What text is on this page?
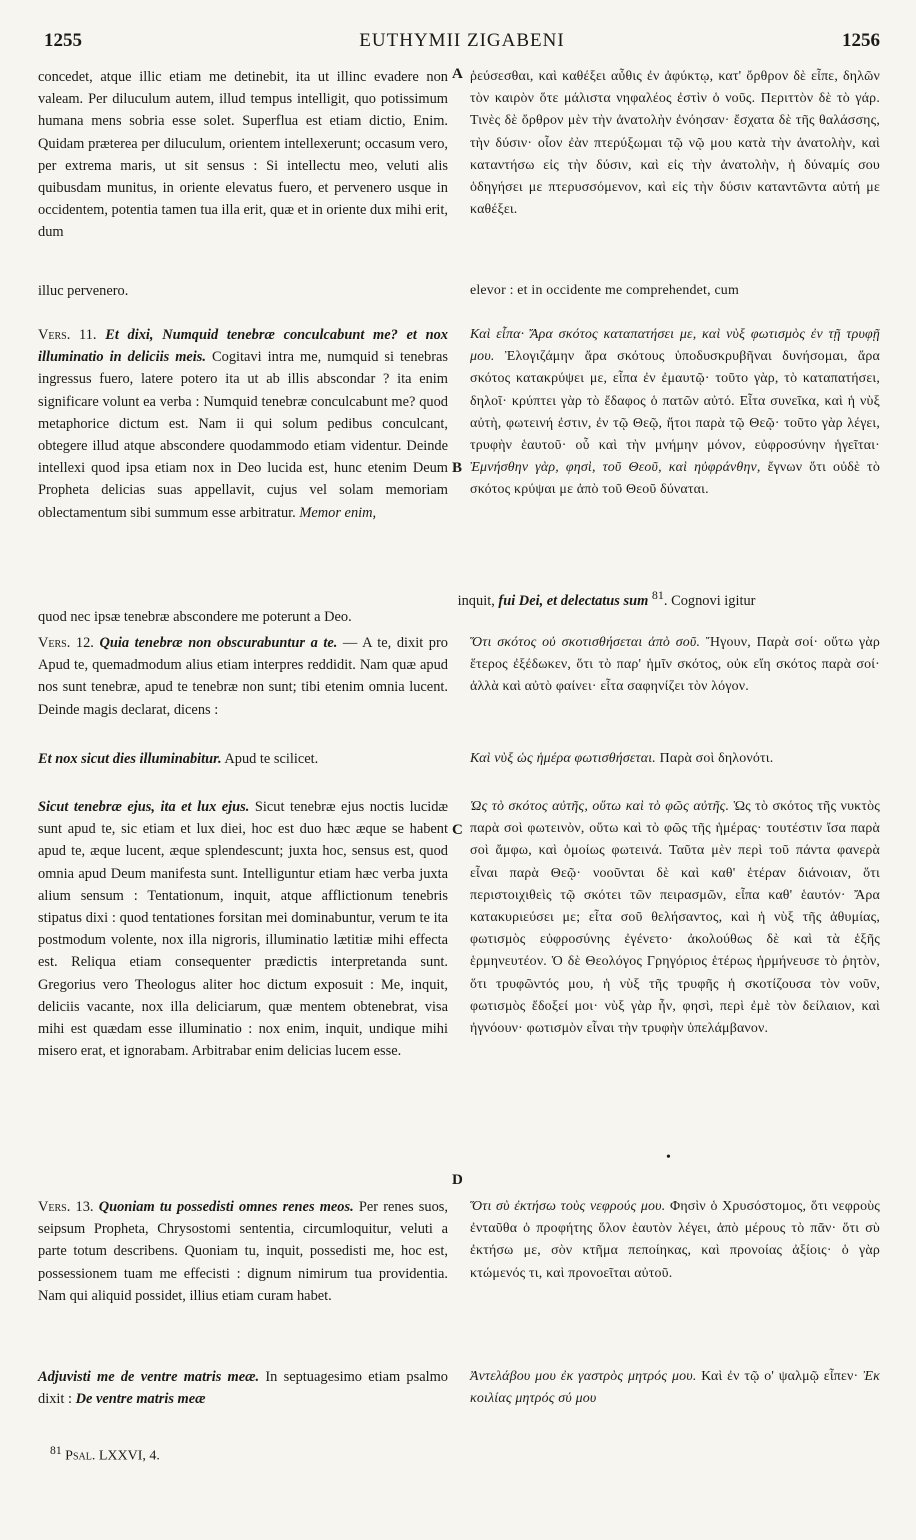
1255	EUTHYMII ZIGABENI	1256
A
B
C
D

concedet, atque illic etiam me detinebit, ita ut illinc evadere non valeam. Per diluculum autem, illud tempus intelligit, quo potissimum humana mens sobria esse solet. Superflua est etiam dictio, Enim. Quidam præterea per diluculum, orientem intellexerunt; occasum vero, per extrema maris, ut sit sensus : Si intellectu meo, veluti alis quibusdam munitus, in oriente elevatus fuero, et pervenero usque in occidentem, potentia tamen tua illa erit, quæ et in oriente dux mihi erit, dum

ῥεύσεσθαι, καὶ καθέξει αὖθις ἐν ἀφύκτῳ, κατ' ὄρθρον δὲ εἶπε, δηλῶν τὸν καιρὸν ὅτε μάλιστα νηφαλέος ἐστὶν ὁ νοῦς. Περιττὸν δὲ τὸ γάρ. Τινὲς δὲ ὄρθρον μὲν τὴν ἀνατολὴν ἐνόησαν· ἔσχατα δὲ τῆς θαλάσσης, τὴν δύσιν· οἷον ἐὰν πτερύξωμαι τῷ νῷ μου κατὰ τὴν ἀνατολὴν, καὶ καταντήσω εἰς τὴν δύσιν, καὶ εἰς τὴν ἀνατολὴν, ἡ δύναμίς σου ὁδηγήσει με πτερυσσόμενον, καὶ εἰς τὴν δύσιν καταντῶντα αὐτή με καθέξει.

illuc pervenero.	elevor : et in occidente me comprehendet, cum

Vers. 11. Et dixi, Numquid tenebræ conculcabunt me? et nox illuminatio in deliciis meis. Cogitavi intra me, numquid si tenebras ingressus fuero, latere potero ita ut ab illis abscondar ? ita enim significare volunt ea verba : Numquid tenebræ conculcabunt me? quod metaphorice dictum est. Nam ii qui solum pedibus conculcant, obtegere illud atque abscondere quodammodo etiam videntur. Deinde intellexi quod ipsa etiam nox in Deo lucida est, hunc etenim Deum Propheta delicias suas appellavit, cujus vel solam memoriam oblectamentum sibi summum esse arbitratur. Memor enim,

Καὶ εἶπα· Ἄρα σκότος καταπατήσει με, καὶ νὺξ φωτισμὸς ἐν τῇ τρυφῇ μου. Ἐλογιζάμην ἄρα σκότους ὑποδυσκρυβῆναι δυνήσομαι, ἄρα σκότος κατακρύψει με, εἶπα ἐν ἐμαυτῷ· τοῦτο γὰρ, τὸ καταπατήσει, δηλοῖ· κρύπτει γὰρ τὸ ἔδαφος ὁ πατῶν αὐτό. Εἶτα συνεῖκα, καὶ ἡ νὺξ αὐτὴ, φωτεινή ἐστιν, ἐν τῷ Θεῷ, ἤτοι παρὰ τῷ Θεῷ· τοῦτο γὰρ λέγει, τρυφὴν ἑαυτοῦ· οὗ καὶ τὴν μνήμην μόνον, εὐφροσύνην ἡγεῖται· Ἐμνήσθην γὰρ, φησὶ, τοῦ Θεοῦ, καὶ ηὐφράνθην, ἔγνων ὅτι οὐδὲ τὸ σκότος κρύψαι με ἀπὸ τοῦ Θεοῦ δύναται.

inquit, fui Dei, et delectatus sum $^{81}$. Cognovi igitur
quod nec ipsæ tenebræ abscondere me poterunt a Deo.

Vers. 12. Quia tenebræ non obscurabuntur a te. — A te, dixit pro Apud te, quemadmodum alius etiam interpres reddidit. Nam quæ apud nos sunt tenebræ, apud te tenebræ non sunt; tibi etenim omnia lucent. Deinde magis declarat, dicens :

Ὅτι σκότος οὐ σκοτισθήσεται ἀπὸ σοῦ. Ἤγουν, Παρὰ σοί· οὕτω γὰρ ἕτερος ἐξέδωκεν, ὅτι τὸ παρ' ἡμῖν σκότος, οὐκ εἴη σκότος παρὰ σοί· ἀλλὰ καὶ αὐτὸ φαίνει· εἶτα σαφηνίζει τὸν λόγον.

Et nox sicut dies illuminabitur. Apud te scilicet.	Καὶ νὺξ ὡς ἡμέρα φωτισθήσεται. Παρὰ σοὶ δηλονότι.

Sicut tenebræ ejus, ita et lux ejus. Sicut tenebræ ejus noctis lucidæ sunt apud te, sic etiam et lux diei, hoc est duo hæc æque se habent apud te, æque lucent, æque splendescunt; juxta hoc, sensus est, quod omnia apud Deum manifesta sunt. Intelliguntur etiam hæc verba juxta alium sensum : Tentationum, inquit, atque afflictionum tenebris stipatus dixi : quod tentationes forsitan mei dominabuntur, verum te ita postmodum volente, nox illa nigroris, illuminatio lætitiæ mihi effecta est. Reliqua etiam consequenter prædictis interpretanda sunt. Gregorius vero Theologus aliter hoc dictum exposuit : Me, inquit, deliciis vacante, nox illa deliciarum, quæ mentem obtenebrat, visa mihi est quædam esse illuminatio : nox enim, inquit, undique mihi misero erat, et ignorabam. Arbitrabar enim delicias lucem esse.

Ὡς τὸ σκότος αὐτῆς, οὕτω καὶ τὸ φῶς αὐτῆς. Ὡς τὸ σκότος τῆς νυκτὸς παρὰ σοὶ φωτεινὸν, οὕτω καὶ τὸ φῶς τῆς ἡμέρας· τουτέστιν ἴσα παρὰ σοὶ ἄμφω, καὶ ὁμοίως φωτεινά. Ταῦτα μὲν περὶ τοῦ πάντα φανερὰ εἶναι παρὰ Θεῷ· νοοῦνται δὲ καὶ καθ' ἑτέραν διάνοιαν, ὅτι περιστοιχιθεὶς τῷ σκότει τῶν πειρασμῶν, εἶπα καθ' ἑαυτόν· Ἄρα κατακυριεύσει με; εἶτα σοῦ θελήσαντος, καὶ ἡ νὺξ τῆς ἀθυμίας, φωτισμὸς εὐφροσύνης ἐγένετο· ἀκολούθως δὲ καὶ τὰ ἑξῆς ἑρμηνευτέον. Ὁ δὲ Θεολόγος Γρηγόριος ἑτέρως ἡρμήνευσε τὸ ῥητὸν, ὅτι τρυφῶντός μου, ἡ νὺξ τῆς τρυφῆς ἡ σκοτίζουσα τὸν νοῦν, φωτισμὸς ἔδοξεί μοι· νὺξ γὰρ ἦν, φησὶ, περὶ ἐμὲ τὸν δείλαιον, καὶ ἠγνόουν· φωτισμὸν εἶναι τὴν τρυφὴν ὑπελάμβανον.

•

Vers. 13. Quoniam tu possedisti omnes renes meos. Per renes suos, seipsum Propheta, Chrysostomi sententia, circumloquitur, veluti a parte totum describens. Quoniam tu, inquit, possedisti me, hoc est, possessionem tuam me effecisti : dignum nimirum tua providentia. Nam qui aliquid possidet, illius etiam curam habet.

Ὅτι σὺ ἐκτήσω τοὺς νεφρούς μου. Φησὶν ὁ Χρυσόστομος, ὅτι νεφροὺς ἐνταῦθα ὁ προφήτης ὅλον ἑαυτὸν λέγει, ἀπὸ μέρους τὸ πᾶν· ὅτι σὺ ἐκτήσω με, σὸν κτῆμα πεποίηκας, καὶ προνοίας ἀξίοις· ὁ γὰρ κτώμενός τι, καὶ προνοεῖται αὐτοῦ.

Adjuvisti me de ventre matris meæ. In septuagesimo etiam psalmo dixit : De ventre matris meæ

Ἀντελάβου μου ἐκ γαστρὸς μητρός μου. Καὶ ἐν τῷ ο' ψαλμῷ εἶπεν· Ἐκ κοιλίας μητρός σύ μου

$^{81}$ Psal. LXXVI, 4.
